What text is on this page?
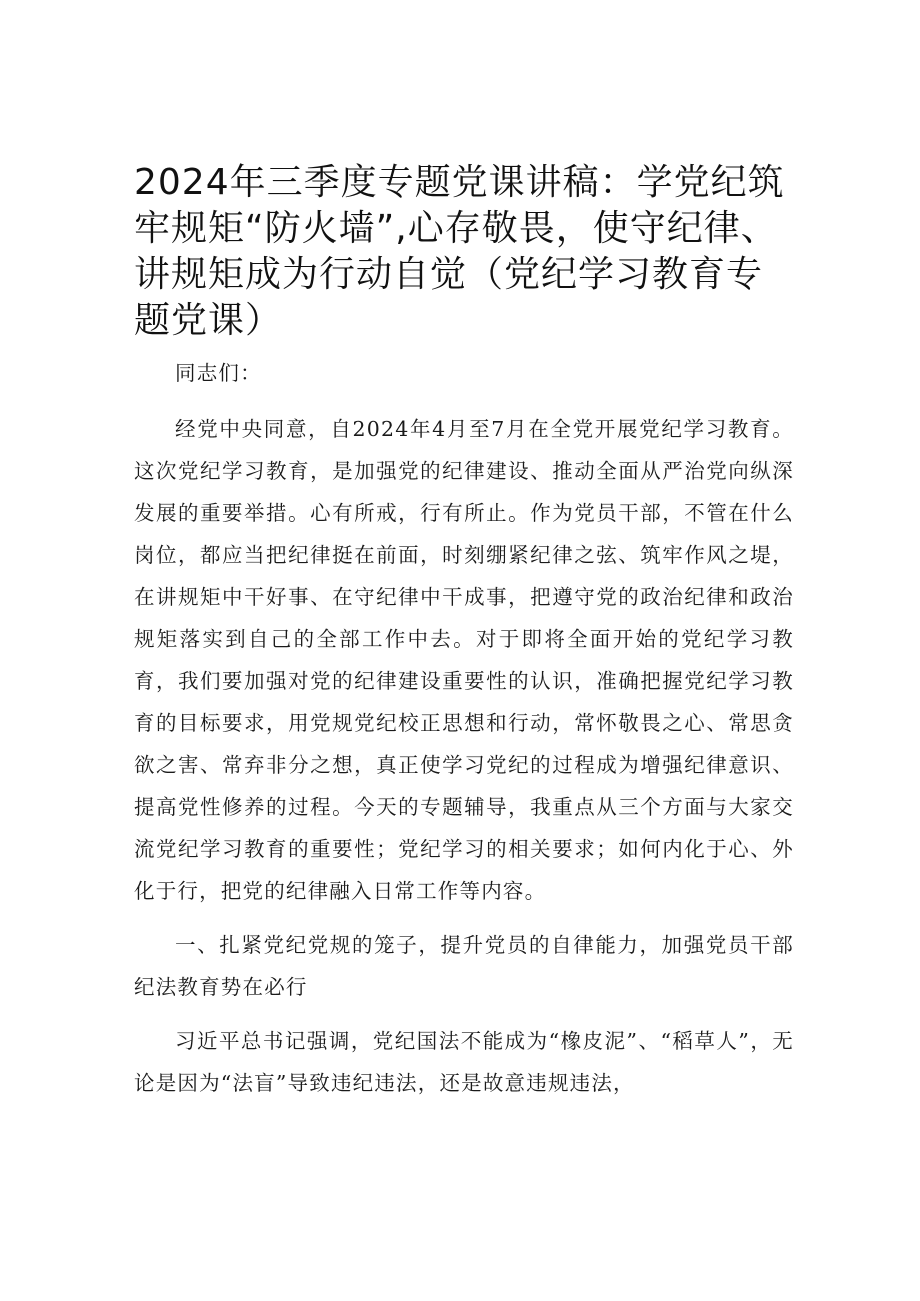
2024年三季度专题党课讲稿：学党纪筑牢规矩“防火墙”,心存敬畏，使守纪律、讲规矩成为行动自觉（党纪学习教育专题党课）

同志们：

经党中央同意，自2024年4月至7月在全党开展党纪学习教育。这次党纪学习教育，是加强党的纪律建设、推动全面从严治党向纵深发展的重要举措。心有所戒，行有所止。作为党员干部，不管在什么岗位，都应当把纪律挺在前面，时刻绷紧纪律之弦、筑牢作风之堤，在讲规矩中干好事、在守纪律中干成事，把遵守党的政治纪律和政治规矩落实到自己的全部工作中去。对于即将全面开始的党纪学习教育，我们要加强对党的纪律建设重要性的认识，准确把握党纪学习教育的目标要求，用党规党纪校正思想和行动，常怀敬畏之心、常思贪欲之害、常弃非分之想，真正使学习党纪的过程成为增强纪律意识、提高党性修养的过程。今天的专题辅导，我重点从三个方面与大家交流党纪学习教育的重要性；党纪学习的相关要求；如何内化于心、外化于行，把党的纪律融入日常工作等内容。

一、扎紧党纪党规的笼子，提升党员的自律能力，加强党员干部纪法教育势在必行

习近平总书记强调，党纪国法不能成为“橡皮泥”、“稻草人”，无论是因为“法盲”导致违纪违法，还是故意违规违法，
